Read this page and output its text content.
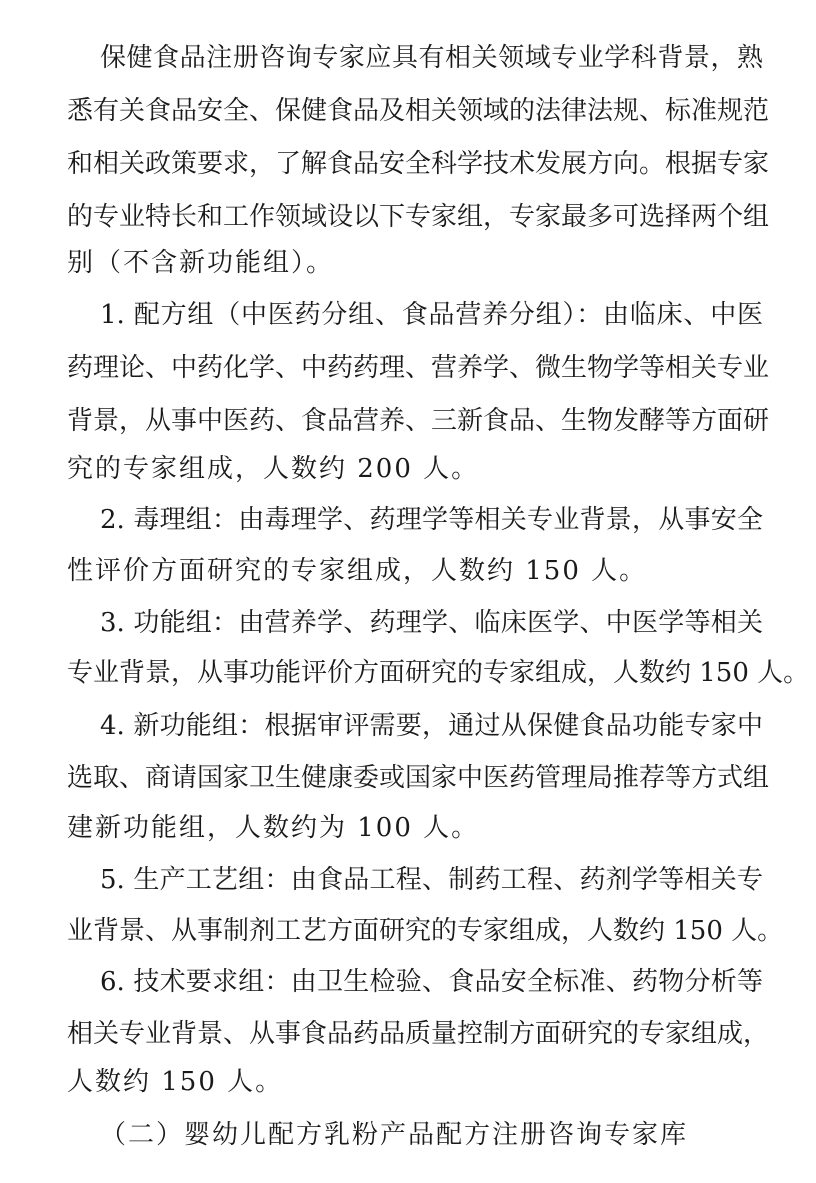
保健食品注册咨询专家应具有相关领域专业学科背景，熟
悉有关食品安全、保健食品及相关领域的法律法规、标准规范
和相关政策要求，了解食品安全科学技术发展方向。根据专家
的专业特长和工作领域设以下专家组，专家最多可选择两个组
别（不含新功能组）。
1. 配方组（中医药分组、食品营养分组）：由临床、中医
药理论、中药化学、中药药理、营养学、微生物学等相关专业
背景，从事中医药、食品营养、三新食品、生物发酵等方面研
究的专家组成，人数约 200 人。
2. 毒理组：由毒理学、药理学等相关专业背景，从事安全
性评价方面研究的专家组成，人数约 150 人。
3. 功能组：由营养学、药理学、临床医学、中医学等相关
专业背景，从事功能评价方面研究的专家组成，人数约 150 人。
4. 新功能组：根据审评需要，通过从保健食品功能专家中
选取、商请国家卫生健康委或国家中医药管理局推荐等方式组
建新功能组，人数约为 100 人。
5. 生产工艺组：由食品工程、制药工程、药剂学等相关专
业背景、从事制剂工艺方面研究的专家组成，人数约 150 人。
6. 技术要求组：由卫生检验、食品安全标准、药物分析等
相关专业背景、从事食品药品质量控制方面研究的专家组成，
人数约 150 人。
（二）婴幼儿配方乳粉产品配方注册咨询专家库
